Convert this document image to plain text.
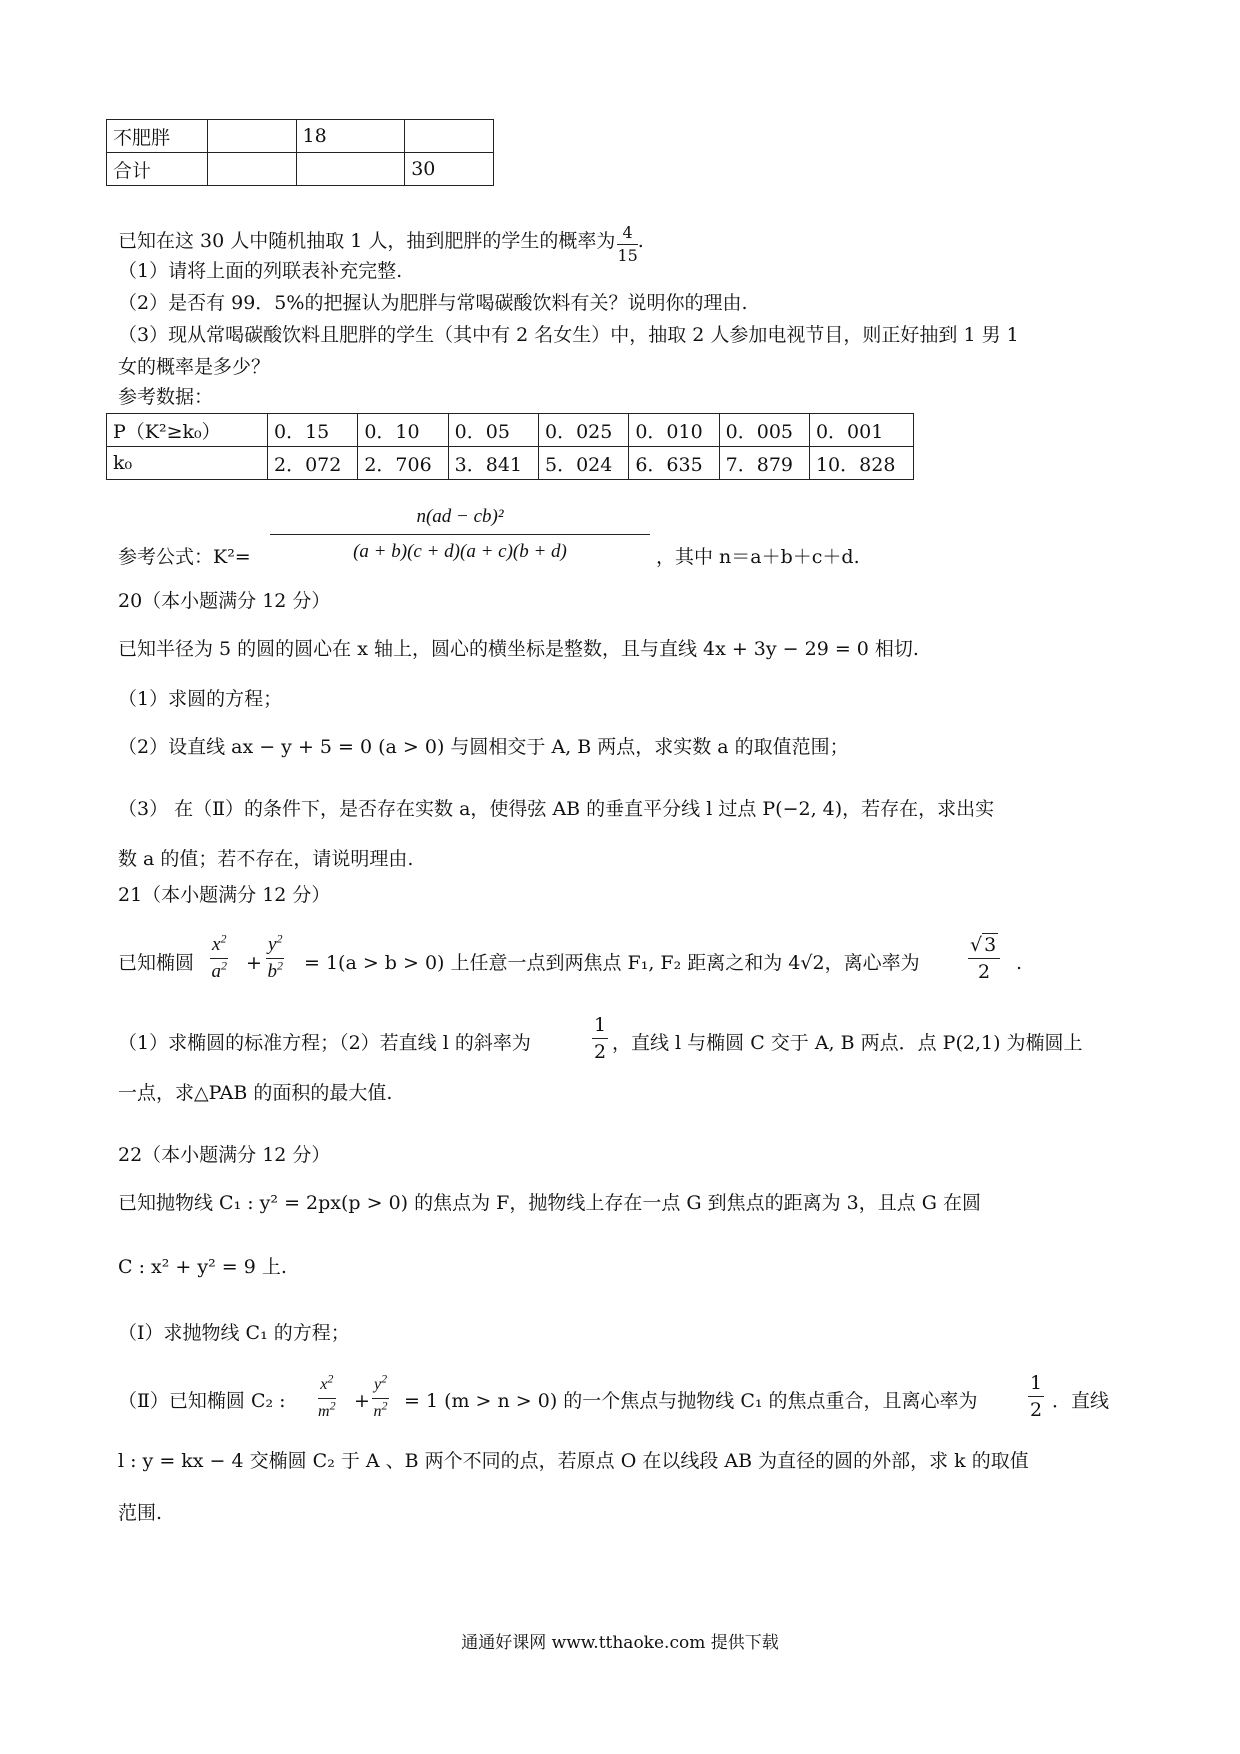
不肥胖		18	
合计			30
已知在这 30 人中随机抽取 1 人，抽到肥胖的学生的概率为 $\frac{4}{15}$ .
（1）请将上面的列联表补充完整.
（2）是否有 99．5%的把握认为肥胖与常喝碳酸饮料有关？说明你的理由.
（3）现从常喝碳酸饮料且肥胖的学生（其中有 2 名女生）中，抽取 2 人参加电视节目，则正好抽到 1 男 1
女的概率是多少？
参考数据：
P（K²≥k₀）	0．15	0．10	0．05	0．025	0．010	0．005	0．001
k₀	2．072	2．706	3．841	5．024	6．635	7．879	10．828
参考公式：$K^2= \frac{\text{n(ad − cb)²}}{(a + b)(c + d)(a + c)(b + d)}$ ，其中 n＝a＋b＋c＋d.
20（本小题满分 12 分）
已知半径为 5 的圆的圆心在 x 轴上，圆心的横坐标是整数，且与直线 4x + 3y − 29 = 0 相切.
（1）求圆的方程；
（2）设直线 ax − y + 5 = 0 (a > 0) 与圆相交于 A, B 两点，求实数 a 的取值范围；
（3） 在（Ⅱ）的条件下，是否存在实数 a，使得弦 AB 的垂直平分线 l 过点 P(−2, 4)，若存在，求出实
数 a 的值；若不存在，请说明理由.
21（本小题满分 12 分）
已知椭圆 $\frac{x^2}{a^2} + \frac{y^2}{b^2} = 1(a > b > 0)$ 上任意一点到两焦点 F₁, F₂ 距离之和为 4√2，离心率为	$\frac{√ 3}{2}$ .
（1）求椭圆的标准方程；（2）若直线 l 的斜率为	$\frac{1}{2}$ ，直线 l 与椭圆 C 交于 A, B 两点．点 P(2,1) 为椭圆上
一点，求△PAB 的面积的最大值.
22（本小题满分 12 分）
已知抛物线 C₁ : y² = 2px(p > 0) 的焦点为 F，抛物线上存在一点 G 到焦点的距离为 3，且点 G 在圆
C : x² + y² = 9 上.
（Ⅰ）求抛物线 C₁ 的方程；
（Ⅱ）已知椭圆 C₂ : $\frac{x^2}{m^2} + \frac{y^2}{n^2} = 1$ (m > n > 0) 的一个焦点与抛物线 C₁ 的焦点重合，且离心率为	$\frac{1}{2}$ ．直线
l : y = kx − 4 交椭圆 C₂ 于 A 、B 两个不同的点，若原点 O 在以线段 AB 为直径的圆的外部，求 k 的取值
范围.
通通好课网 www.tthaoke.com 提供下载
